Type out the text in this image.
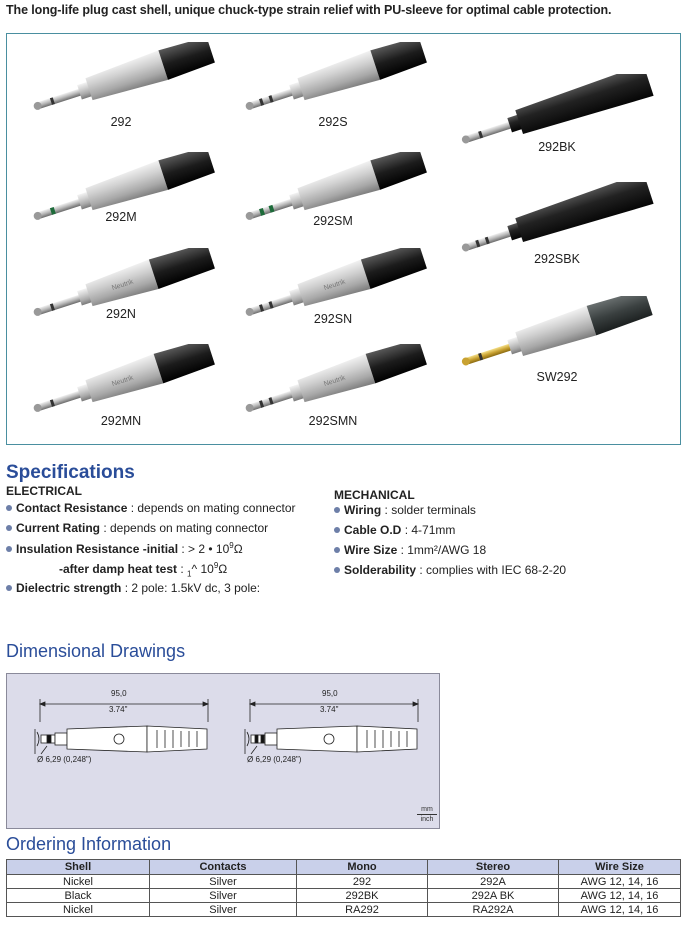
The long-life plug cast shell, unique chuck-type strain relief with PU-sleeve for optimal cable protection.
292	292S
292BK
292M	292SM
292SBK
Neutrik
292N
Neutrik
292SN
SW292
Neutrik
292MN
Neutrik
292SMN
Specifications
ELECTRICAL
Contact Resistance : depends on mating connector
Current Rating : depends on mating connector
Insulation Resistance -initial : > 2 • $10^9\Omega$
-after damp heat test : $_1$^ $10^9\Omega$
Dielectric strength : 2 pole: 1.5kV dc, 3 pole:
MECHANICAL
Wiring : solder terminals
Cable O.D : 4-71mm
Wire Size : 1mm²/AWG 18
Solderability : complies with IEC 68-2-20
Dimensional Drawings
95,0
3.74"
Ø 6,29 (0,248")
95,0
3.74"
Ø 6,29 (0,248")
mm
inch
Ordering Information
Shell	Contacts	Mono	Stereo	Wire Size
Nickel	Silver	292	292A	AWG 12, 14, 16
Black	Silver	292BK	292A BK	AWG 12, 14, 16
Nickel	Silver	RA292	RA292A	AWG 12, 14, 16
